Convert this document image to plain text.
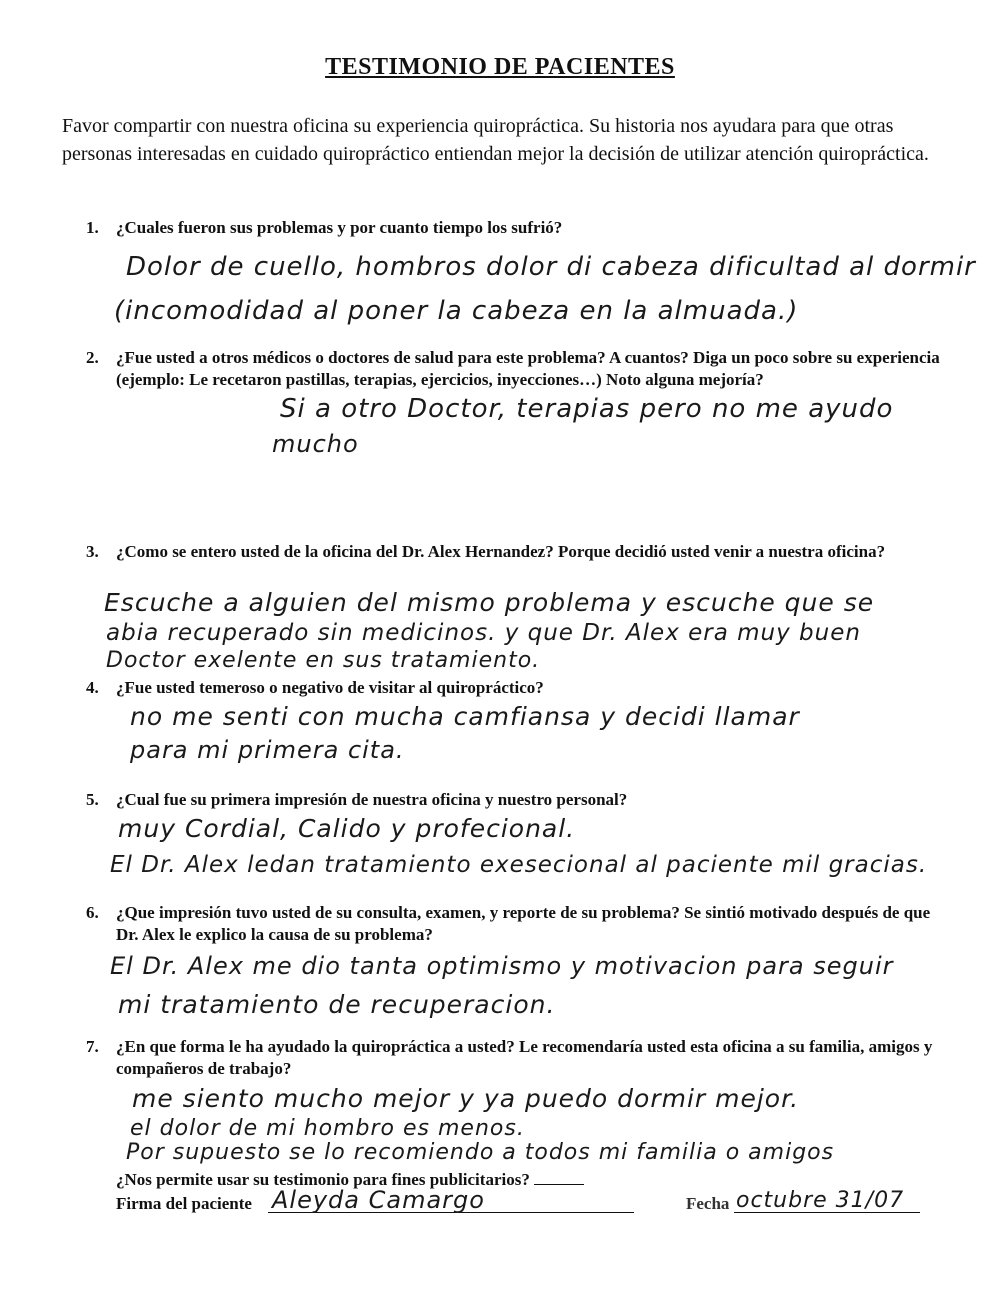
TESTIMONIO DE PACIENTES
Favor compartir con nuestra oficina su experiencia quiropráctica. Su historia nos ayudara para que otras personas interesadas en cuidado quiropráctico entiendan mejor la decisión de utilizar atención quiropráctica.
1. ¿Cuales fueron sus problemas y por cuanto tiempo los sufrió?
Dolor de cuello, hombros dolor di cabeza dificultad al dormir
(incomodidad al poner la cabeza en la almuada.)
2. ¿Fue usted a otros médicos o doctores de salud para este problema? A cuantos? Diga un poco sobre su experiencia (ejemplo: Le recetaron pastillas, terapias, ejercicios, inyecciones…) Noto alguna mejoría?
Si a otro Doctor, terapias pero no me ayudo
mucho
3. ¿Como se entero usted de la oficina del Dr. Alex Hernandez? Porque decidió usted venir a nuestra oficina?
Escuche a alguien del mismo problema y escuche que se
abia recuperado sin medicinos. y que Dr. Alex era muy buen
Doctor exelente en sus tratamiento.
4. ¿Fue usted temeroso o negativo de visitar al quiropráctico?
no me senti con mucha camfiansa y decidi llamar
para mi primera cita.
5. ¿Cual fue su primera impresión de nuestra oficina y nuestro personal?
muy Cordial, Calido y profecional.
El Dr. Alex ledan tratamiento exesecional al paciente mil gracias.
6. ¿Que impresión tuvo usted de su consulta, examen, y reporte de su problema? Se sintió motivado después de que Dr. Alex le explico la causa de su problema?
El Dr. Alex me dio tanta optimismo y motivacion para seguir
mi tratamiento de recuperacion.
7. ¿En que forma le ha ayudado la quiropráctica a usted? Le recomendaría usted esta oficina a su familia, amigos y compañeros de trabajo?
me siento mucho mejor y ya puedo dormir mejor.
el dolor de mi hombro es menos.
Por supuesto se lo recomiendo a todos mi familia o amigos
¿Nos permite usar su testimonio para fines publicitarios?
Firma del paciente Aleyda Camargo	Fecha octubre 31/07
